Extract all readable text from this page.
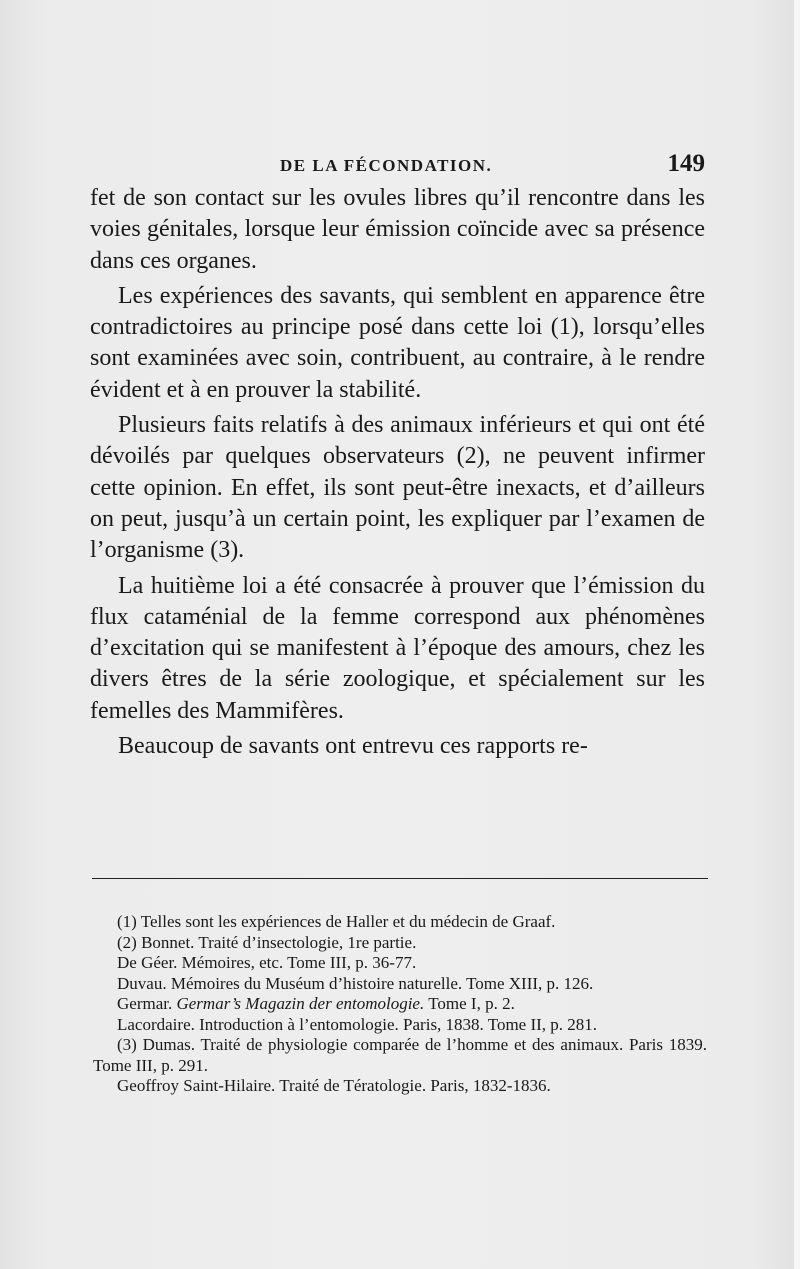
DE LA FÉCONDATION.	149

fet de son contact sur les ovules libres qu’il rencontre dans les voies génitales, lorsque leur émission coïncide avec sa présence dans ces organes.

Les expériences des savants, qui semblent en apparence être contradictoires au principe posé dans cette loi (1), lorsqu’elles sont examinées avec soin, contribuent, au contraire, à le rendre évident et à en prouver la stabilité.

Plusieurs faits relatifs à des animaux inférieurs et qui ont été dévoilés par quelques observateurs (2), ne peuvent infirmer cette opinion. En effet, ils sont peut-être inexacts, et d’ailleurs on peut, jusqu’à un certain point, les expliquer par l’examen de l’organisme (3).

La huitième loi a été consacrée à prouver que l’émission du flux cataménial de la femme correspond aux phénomènes d’excitation qui se manifestent à l’époque des amours, chez les divers êtres de la série zoologique, et spécialement sur les femelles des Mammifères.

Beaucoup de savants ont entrevu ces rapports re-

(1) Telles sont les expériences de Haller et du médecin de Graaf.

(2) Bonnet. Traité d’insectologie, 1re partie.

De Géer. Mémoires, etc. Tome III, p. 36-77.

Duvau. Mémoires du Muséum d’histoire naturelle. Tome XIII, p. 126.

Germar. Germar’s Magazin der entomologie. Tome I, p. 2.

Lacordaire. Introduction à l’entomologie. Paris, 1838. Tome II, p. 281.

(3) Dumas. Traité de physiologie comparée de l’homme et des animaux. Paris 1839. Tome III, p. 291.

Geoffroy Saint-Hilaire. Traité de Tératologie. Paris, 1832-1836.
